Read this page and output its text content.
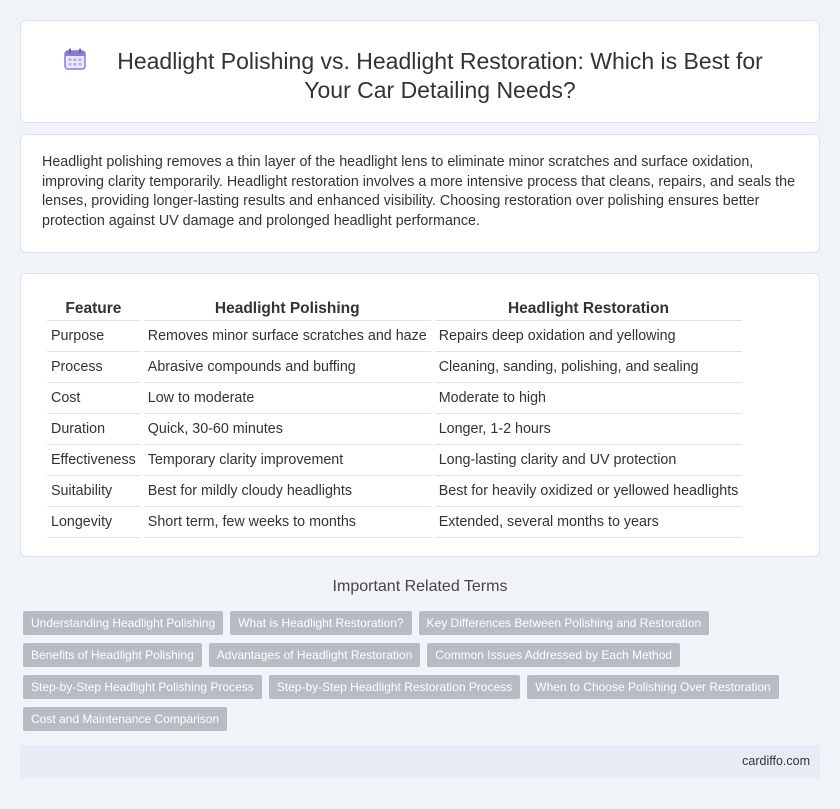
Headlight Polishing vs. Headlight Restoration: Which is Best for Your Car Detailing Needs?

Headlight polishing removes a thin layer of the headlight lens to eliminate minor scratches and surface oxidation, improving clarity temporarily. Headlight restoration involves a more intensive process that cleans, repairs, and seals the lenses, providing longer-lasting results and enhanced visibility. Choosing restoration over polishing ensures better protection against UV damage and prolonged headlight performance.

Feature	Headlight Polishing	Headlight Restoration
Purpose	Removes minor surface scratches and haze	Repairs deep oxidation and yellowing
Process	Abrasive compounds and buffing	Cleaning, sanding, polishing, and sealing
Cost	Low to moderate	Moderate to high
Duration	Quick, 30-60 minutes	Longer, 1-2 hours
Effectiveness	Temporary clarity improvement	Long-lasting clarity and UV protection
Suitability	Best for mildly cloudy headlights	Best for heavily oxidized or yellowed headlights
Longevity	Short term, few weeks to months	Extended, several months to years
Important Related Terms
Understanding Headlight Polishing	What is Headlight Restoration?	Key Differences Between Polishing and Restoration
Benefits of Headlight Polishing	Advantages of Headlight Restoration	Common Issues Addressed by Each Method
Step-by-Step Headlight Polishing Process	Step-by-Step Headlight Restoration Process	When to Choose Polishing Over Restoration
Cost and Maintenance Comparison
cardiffo.com
